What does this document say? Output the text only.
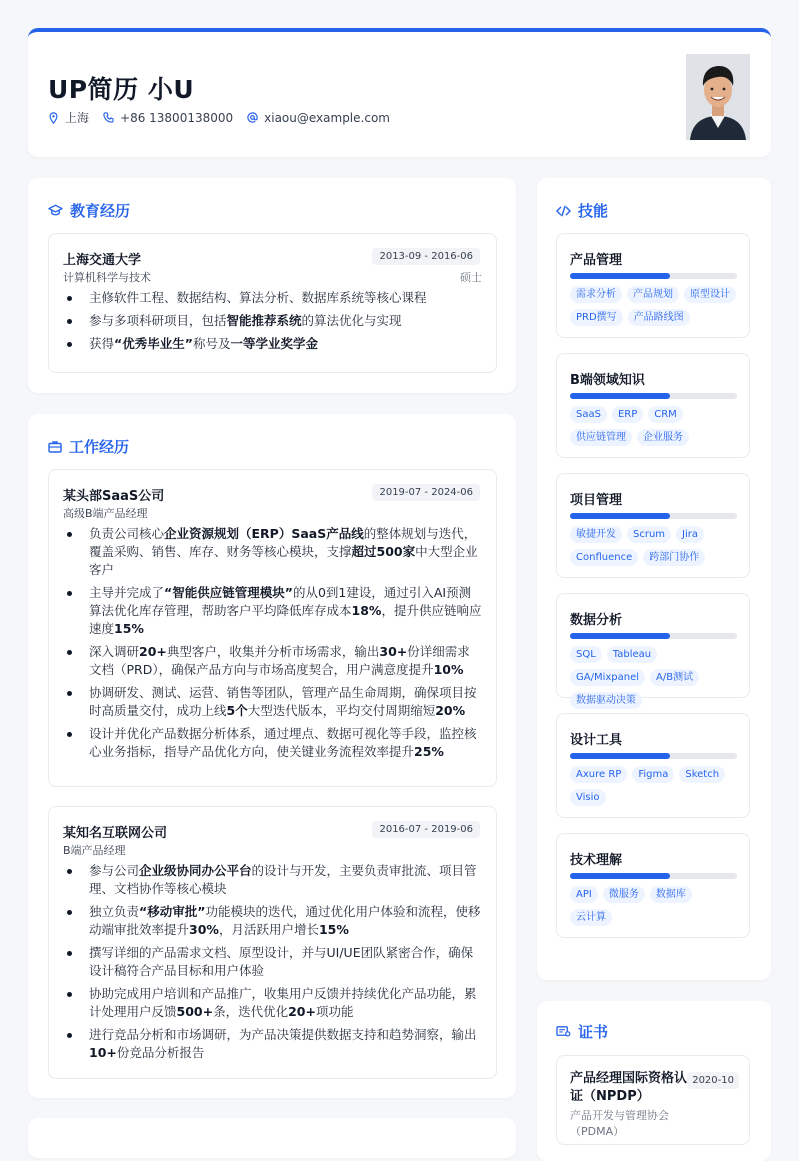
UP简历 小U
上海	+86 13800138000	xiaou@example.com
教育经历
上海交通大学	2013-09 - 2016-06
计算机科学与技术	硕士
主修软件工程、数据结构、算法分析、数据库系统等核心课程
参与多项科研项目，包括智能推荐系统的算法优化与实现
获得“优秀毕业生”称号及一等学业奖学金
工作经历
某头部SaaS公司	2019-07 - 2024-06
高级B端产品经理
负责公司核心企业资源规划（ERP）SaaS产品线的整体规划与迭代，覆盖采购、销售、库存、财务等核心模块，支撑超过500家中大型企业客户
主导并完成了“智能供应链管理模块”的从0到1建设，通过引入AI预测算法优化库存管理，帮助客户平均降低库存成本18%，提升供应链响应速度15%
深入调研20+典型客户，收集并分析市场需求，输出30+份详细需求文档（PRD），确保产品方向与市场高度契合，用户满意度提升10%
协调研发、测试、运营、销售等团队，管理产品生命周期，确保项目按时高质量交付，成功上线5个大型迭代版本，平均交付周期缩短20%
设计并优化产品数据分析体系，通过埋点、数据可视化等手段，监控核心业务指标，指导产品优化方向，使关键业务流程效率提升25%
某知名互联网公司	2016-07 - 2019-06
B端产品经理
参与公司企业级协同办公平台的设计与开发，主要负责审批流、项目管理、文档协作等核心模块
独立负责“移动审批”功能模块的迭代，通过优化用户体验和流程，使移动端审批效率提升30%，月活跃用户增长15%
撰写详细的产品需求文档、原型设计，并与UI/UE团队紧密合作，确保设计稿符合产品目标和用户体验
协助完成用户培训和产品推广，收集用户反馈并持续优化产品功能，累计处理用户反馈500+条，迭代优化20+项功能
进行竞品分析和市场调研，为产品决策提供数据支持和趋势洞察，输出10+份竞品分析报告
技能
产品管理
需求分析	产品规划	原型设计
PRD撰写	产品路线图
B端领域知识
SaaS	ERP	CRM
供应链管理	企业服务
项目管理
敏捷开发	Scrum	Jira
Confluence	跨部门协作
数据分析
SQL	Tableau
GA/Mixpanel	A/B测试
数据驱动决策
设计工具
Axure RP	Figma	Sketch
Visio
技术理解
API	微服务	数据库
云计算
证书
产品经理国际资格认证（NPDP）
2020-10
产品开发与管理协会（PDMA）
